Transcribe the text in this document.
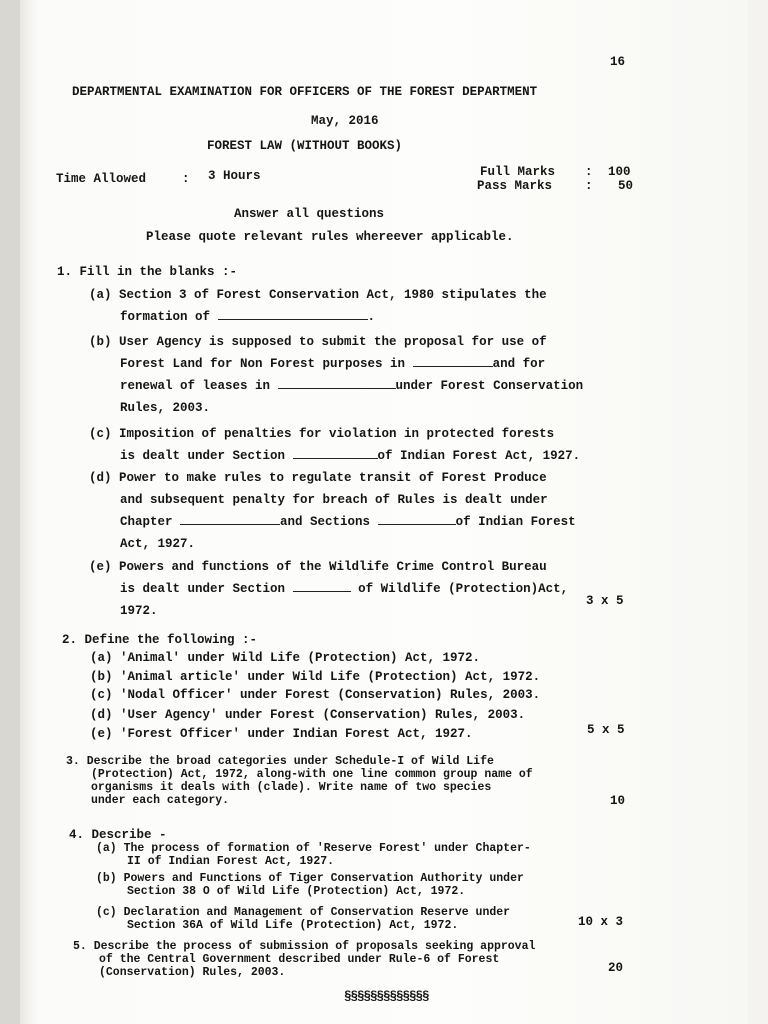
16
DEPARTMENTAL EXAMINATION FOR OFFICERS OF THE FOREST DEPARTMENT
May, 2016
FOREST LAW (WITHOUT BOOKS)
Time Allowed	: 3 Hours	Full Marks : 100
Pass Marks	: 50
Answer all questions
Please quote relevant rules whereever applicable.
1. Fill in the blanks :-
(a) Section 3 of Forest Conservation Act, 1980 stipulates the
formation of	.
(b) User Agency is supposed to submit the proposal for use of
Forest Land for Non Forest purposes in	and for
renewal of leases in	under Forest Conservation
Rules, 2003.
(c) Imposition of penalties for violation in protected forests
is dealt under Section	of Indian Forest Act, 1927.
(d) Power to make rules to regulate transit of Forest Produce
and subsequent penalty for breach of Rules is dealt under
Chapter	and Sections	of Indian Forest
Act, 1927.
(e) Powers and functions of the Wildlife Crime Control Bureau
is dealt under Section	of Wildlife (Protection)Act,
1972.
3 x 5
2. Define the following :-
(a) 'Animal' under Wild Life (Protection) Act, 1972.
(b) 'Animal article' under Wild Life (Protection) Act, 1972.
(c) 'Nodal Officer' under Forest (Conservation) Rules, 2003.
(d) 'User Agency' under Forest (Conservation) Rules, 2003.
(e) 'Forest Officer' under Indian Forest Act, 1927.	5 x 5
3. Describe the broad categories under Schedule-I of Wild Life
(Protection) Act, 1972, along-with one line common group name of
organisms it deals with (clade). Write name of two species
under each category.	10
4. Describe -
(a) The process of formation of 'Reserve Forest' under Chapter-
II of Indian Forest Act, 1927.
(b) Powers and Functions of Tiger Conservation Authority under
Section 38 O of Wild Life (Protection) Act, 1972.
(c) Declaration and Management of Conservation Reserve under
Section 36A of Wild Life (Protection) Act, 1972.	10 x 3
5. Describe the process of submission of proposals seeking approval
of the Central Government described under Rule-6 of Forest
(Conservation) Rules, 2003.	20
§§§§§§§§§§§§§
